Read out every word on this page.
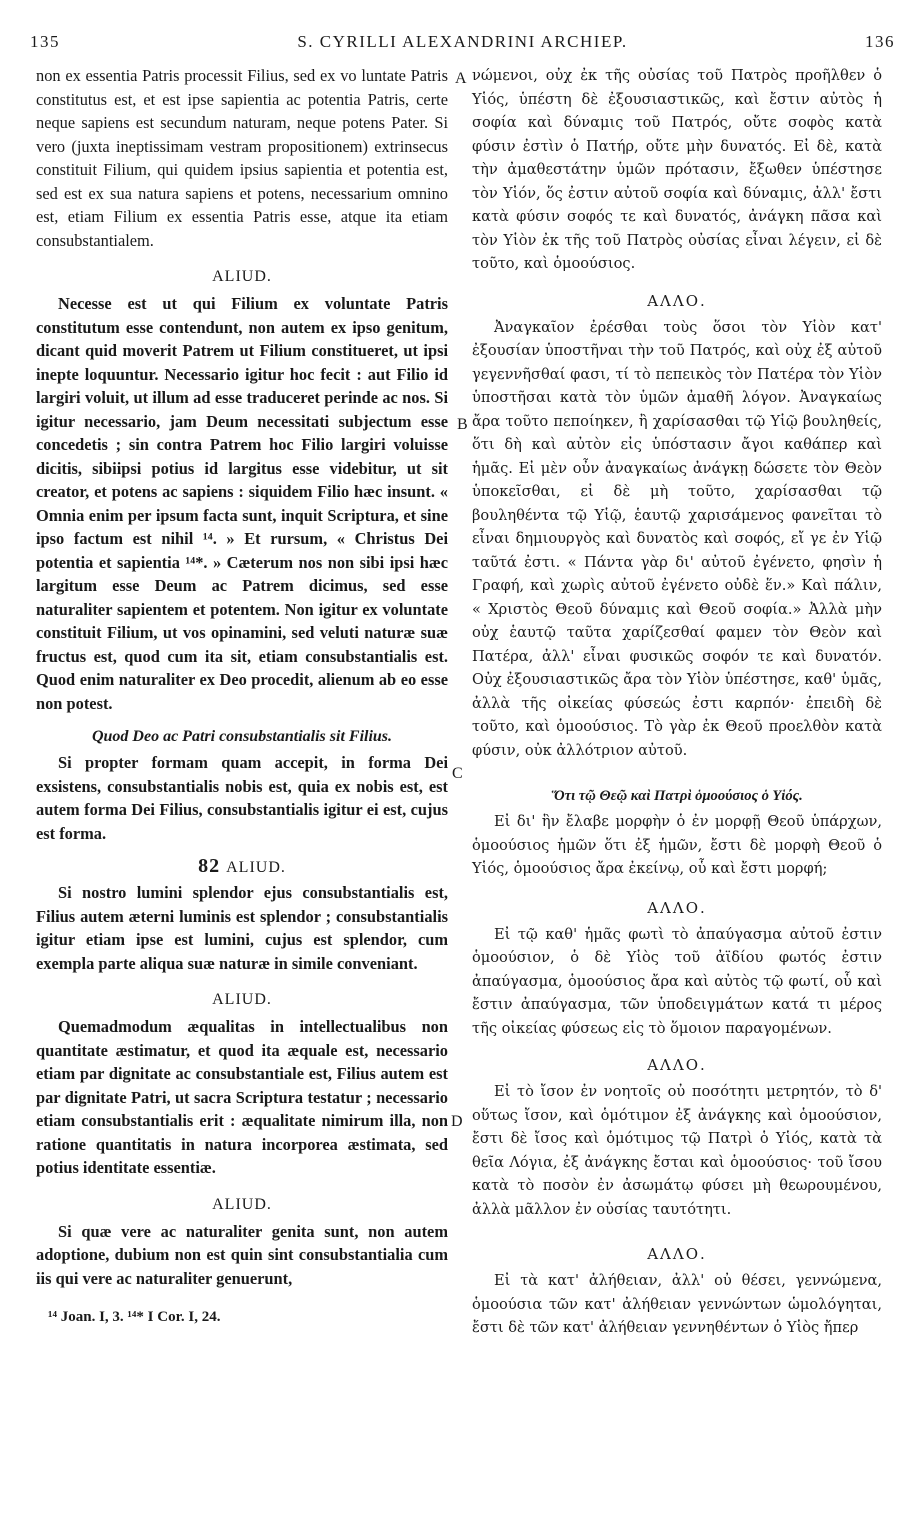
135	S. CYRILLI ALEXANDRINI ARCHIEP.	136
A
B
C
D

non ex essentia Patris processit Filius, sed ex vo luntate Patris constitutus est, et est ipse sapientia ac potentia Patris, certe neque sapiens est secundum naturam, neque potens Pater. Si vero (juxta ineptissimam vestram propositionem) extrinsecus constituit Filium, qui quidem ipsius sapientia et potentia est, sed est ex sua natura sapiens et potens, necessarium omnino est, etiam Filium ex essentia Patris esse, atque ita etiam consubstantialem.

ALIUD.

Necesse est ut qui Filium ex voluntate Patris constitutum esse contendunt, non autem ex ipso genitum, dicant quid moverit Patrem ut Filium constitueret, ut ipsi inepte loquuntur. Necessario igitur hoc fecit : aut Filio id largiri voluit, ut illum ad esse traduceret perinde ac nos. Si igitur necessario, jam Deum necessitati subjectum esse concedetis ; sin contra Patrem hoc Filio largiri voluisse dicitis, sibiipsi potius id largitus esse videbitur, ut sit creator, et potens ac sapiens : siquidem Filio hæc insunt. « Omnia enim per ipsum facta sunt, inquit Scriptura, et sine ipso factum est nihil ¹⁴. » Et rursum, « Christus Dei potentia et sapientia ¹⁴*. » Cæterum nos non sibi ipsi hæc largitum esse Deum ac Patrem dicimus, sed esse naturaliter sapientem et potentem. Non igitur ex voluntate constituit Filium, ut vos opinamini, sed veluti naturæ suæ fructus est, quod cum ita sit, etiam consubstantialis est. Quod enim naturaliter ex Deo procedit, alienum ab eo esse non potest.

Quod Deo ac Patri consubstantialis sit Filius.

Si propter formam quam accepit, in forma Dei exsistens, consubstantialis nobis est, quia ex nobis est, est autem forma Dei Filius, consubstantialis igitur ei est, cujus est forma.

82 ALIUD.

Si nostro lumini splendor ejus consubstantialis est, Filius autem æterni luminis est splendor ; consubstantialis igitur etiam ipse est lumini, cujus est splendor, cum exempla parte aliqua suæ naturæ in simile conveniant.

ALIUD.

Quemadmodum æqualitas in intellectualibus non quantitate æstimatur, et quod ita æquale est, necessario etiam par dignitate ac consubstantiale est, Filius autem est par dignitate Patri, ut sacra Scriptura testatur ; necessario etiam consubstantialis erit : æqualitate nimirum illa, non ratione quantitatis in natura incorporea æstimata, sed potius identitate essentiæ.

ALIUD.

Si quæ vere ac naturaliter genita sunt, non autem adoptione, dubium non est quin sint consubstantialia cum iis qui vere ac naturaliter genuerunt,

¹⁴ Joan. I, 3. ¹⁴* I Cor. I, 24.

νώμενοι, οὐχ ἐκ τῆς οὐσίας τοῦ Πατρὸς προῆλθεν ὁ Υἱός, ὑπέστη δὲ ἐξουσιαστικῶς, καὶ ἔστιν αὐτὸς ἡ σοφία καὶ δύναμις τοῦ Πατρός, οὔτε σοφὸς κατὰ φύσιν ἐστὶν ὁ Πατήρ, οὔτε μὴν δυνατός. Εἰ δὲ, κατὰ τὴν ἀμαθεστάτην ὑμῶν πρότασιν, ἔξωθεν ὑπέστησε τὸν Υἱόν, ὅς ἐστιν αὐτοῦ σοφία καὶ δύναμις, ἀλλ' ἔστι κατὰ φύσιν σοφός τε καὶ δυνατός, ἀνάγκη πᾶσα καὶ τὸν Υἱὸν ἐκ τῆς τοῦ Πατρὸς οὐσίας εἶναι λέγειν, εἰ δὲ τοῦτο, καὶ ὁμοούσιος.

ΑΛΛΟ.

Ἀναγκαῖον ἐρέσθαι τοὺς ὅσοι τὸν Υἱὸν κατ' ἐξουσίαν ὑποστῆναι τὴν τοῦ Πατρός, καὶ οὐχ ἐξ αὐτοῦ γεγεννῆσθαί φασι, τί τὸ πεπεικὸς τὸν Πατέρα τὸν Υἱὸν ὑποστῆσαι κατὰ τὸν ὑμῶν ἀμαθῆ λόγον. Ἀναγκαίως ἄρα τοῦτο πεποίηκεν, ἢ χαρίσασθαι τῷ Υἱῷ βουληθείς, ὅτι δὴ καὶ αὐτὸν εἰς ὑπόστασιν ἄγοι καθάπερ καὶ ἡμᾶς. Εἰ μὲν οὖν ἀναγκαίως ἀνάγκῃ δώσετε τὸν Θεὸν ὑποκεῖσθαι, εἰ δὲ μὴ τοῦτο, χαρίσασθαι τῷ βουληθέντα τῷ Υἱῷ, ἑαυτῷ χαρισάμενος φανεῖται τὸ εἶναι δημιουργὸς καὶ δυνατὸς καὶ σοφός, εἴ γε ἐν Υἱῷ ταῦτά ἐστι. « Πάντα γὰρ δι' αὐτοῦ ἐγένετο, φησὶν ἡ Γραφή, καὶ χωρὶς αὐτοῦ ἐγένετο οὐδὲ ἕν.» Καὶ πάλιν, « Χριστὸς Θεοῦ δύναμις καὶ Θεοῦ σοφία.» Ἀλλὰ μὴν οὐχ ἑαυτῷ ταῦτα χαρίζεσθαί φαμεν τὸν Θεὸν καὶ Πατέρα, ἀλλ' εἶναι φυσικῶς σοφόν τε καὶ δυνατόν. Οὐχ ἐξουσιαστικῶς ἄρα τὸν Υἱὸν ὑπέστησε, καθ' ὑμᾶς, ἀλλὰ τῆς οἰκείας φύσεώς ἐστι καρπόν· ἐπειδὴ δὲ τοῦτο, καὶ ὁμοούσιος. Τὸ γὰρ ἐκ Θεοῦ προελθὸν κατὰ φύσιν, οὐκ ἀλλότριον αὐτοῦ.

Ὅτι τῷ Θεῷ καὶ Πατρὶ ὁμοούσιος ὁ Υἱός.

Εἰ δι' ἣν ἔλαβε μορφὴν ὁ ἐν μορφῇ Θεοῦ ὑπάρχων, ὁμοούσιος ἡμῶν ὅτι ἐξ ἡμῶν, ἔστι δὲ μορφὴ Θεοῦ ὁ Υἱός, ὁμοούσιος ἄρα ἐκείνῳ, οὗ καὶ ἔστι μορφή;

ΑΛΛΟ.

Εἰ τῷ καθ' ἡμᾶς φωτὶ τὸ ἀπαύγασμα αὐτοῦ ἐστιν ὁμοούσιον, ὁ δὲ Υἱὸς τοῦ ἀϊδίου φωτός ἐστιν ἀπαύγασμα, ὁμοούσιος ἄρα καὶ αὐτὸς τῷ φωτί, οὗ καὶ ἔστιν ἀπαύγασμα, τῶν ὑποδειγμάτων κατά τι μέρος τῆς οἰκείας φύσεως εἰς τὸ ὅμοιον παραγομένων.

ΑΛΛΟ.

Εἰ τὸ ἴσον ἐν νοητοῖς οὐ ποσότητι μετρητόν, τὸ δ' οὕτως ἴσον, καὶ ὁμότιμον ἐξ ἀνάγκης καὶ ὁμοούσιον, ἔστι δὲ ἴσος καὶ ὁμότιμος τῷ Πατρὶ ὁ Υἱός, κατὰ τὰ θεῖα Λόγια, ἐξ ἀνάγκης ἔσται καὶ ὁμοούσιος· τοῦ ἴσου κατὰ τὸ ποσὸν ἐν ἀσωμάτῳ φύσει μὴ θεωρουμένου, ἀλλὰ μᾶλλον ἐν οὐσίας ταυτότητι.

ΑΛΛΟ.

Εἰ τὰ κατ' ἀλήθειαν, ἀλλ' οὐ θέσει, γεννώμενα, ὁμοούσια τῶν κατ' ἀλήθειαν γεννώντων ὡμολόγηται, ἔστι δὲ τῶν κατ' ἀλήθειαν γεννηθέντων ὁ Υἱὸς ἤπερ
